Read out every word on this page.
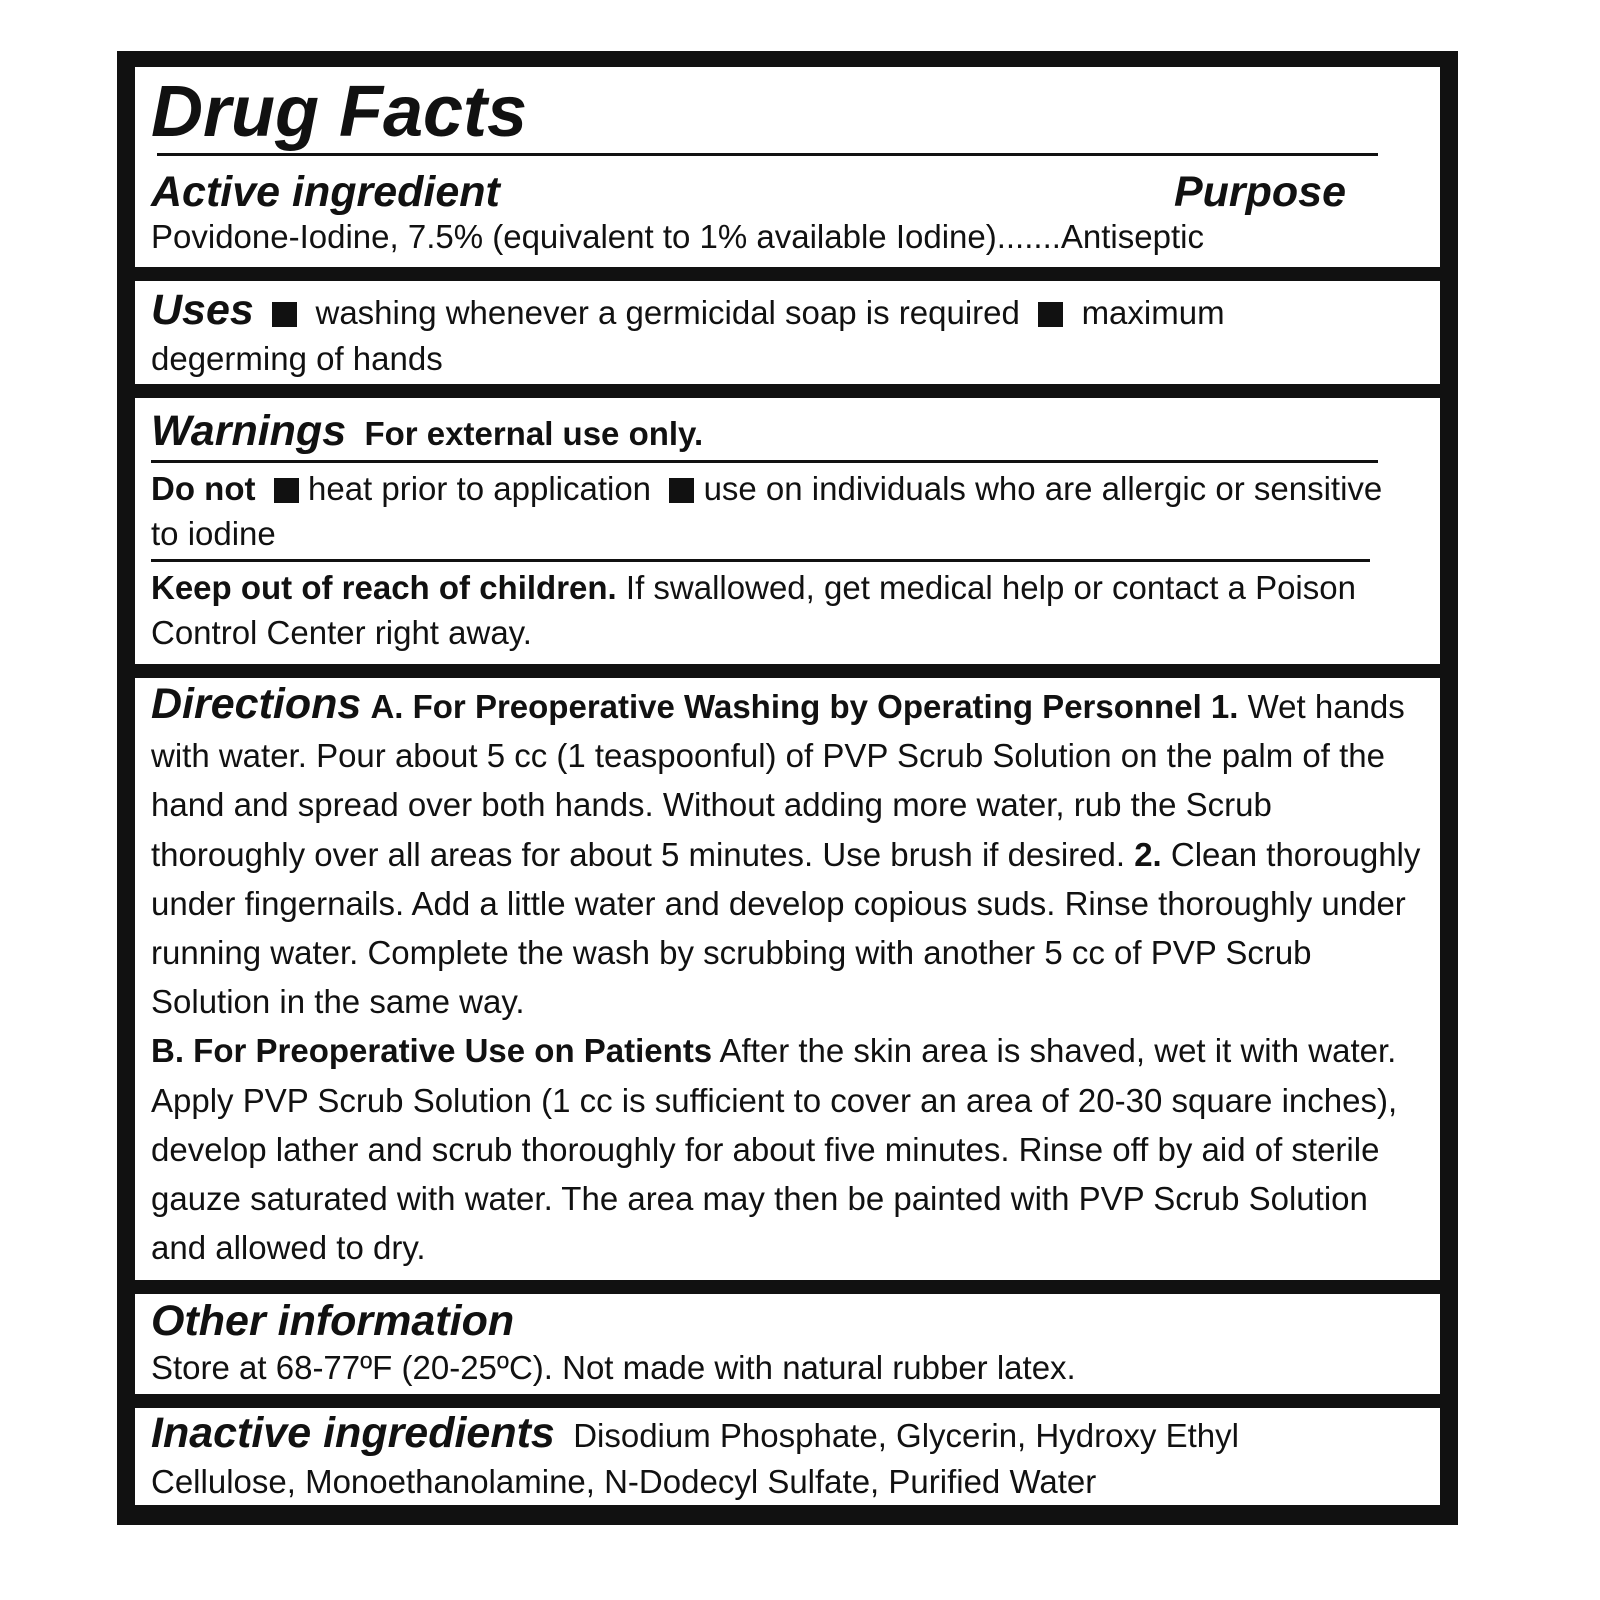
Drug Facts
Active ingredient	Purpose
Povidone-Iodine, 7.5% (equivalent to 1% available Iodine).......Antiseptic
Uses washing whenever a germicidal soap is required maximum degerming of hands
Warnings For external use only.
Do not heat prior to application use on individuals who are allergic or sensitive to iodine
Keep out of reach of children. If swallowed, get medical help or contact a Poison Control Center right away.
Directions A. For Preoperative Washing by Operating Personnel 1. Wet hands with water. Pour about 5 cc (1 teaspoonful) of PVP Scrub Solution on the palm of the hand and spread over both hands. Without adding more water, rub the Scrub thoroughly over all areas for about 5 minutes. Use brush if desired. 2. Clean thoroughly under fingernails. Add a little water and develop copious suds. Rinse thoroughly under running water. Complete the wash by scrubbing with another 5 cc of PVP Scrub Solution in the same way.
B. For Preoperative Use on Patients After the skin area is shaved, wet it with water. Apply PVP Scrub Solution (1 cc is sufficient to cover an area of 20-30 square inches), develop lather and scrub thoroughly for about five minutes. Rinse off by aid of sterile gauze saturated with water. The area may then be painted with PVP Scrub Solution and allowed to dry.
Other information
Store at 68-77ºF (20-25ºC). Not made with natural rubber latex.
Inactive ingredients Disodium Phosphate, Glycerin, Hydroxy Ethyl Cellulose, Monoethanolamine, N-Dodecyl Sulfate, Purified Water
